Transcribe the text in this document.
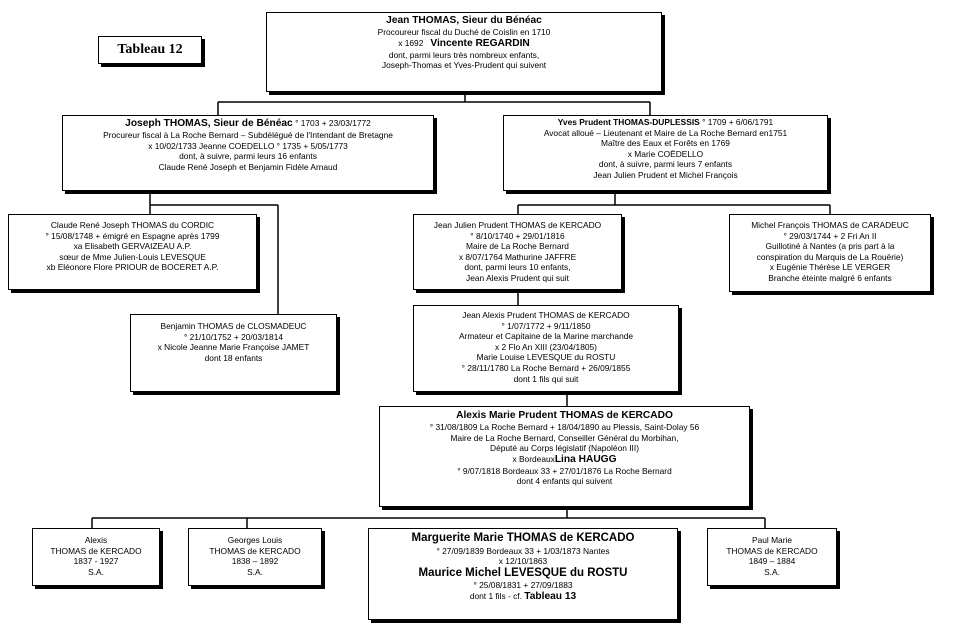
Tableau 12
Jean THOMAS, Sieur du Bénéac
Procoureur fiscal du Duché de Coislin en 1710
x 1692 Vincente REGARDIN
dont, parmi leurs très nombreux enfants,
Joseph-Thomas et Yves-Prudent qui suivent
Joseph THOMAS, Sieur de Bénéac ° 1703 + 23/03/1772
Procureur fiscal à La Roche Bernard – Subdélégué de l'Intendant de Bretagne
x 10/02/1733 Jeanne COEDELLO ° 1735 + 5/05/1773
dont, à suivre, parmi leurs 16 enfants
Claude René Joseph et Benjamin Fidèle Arnaud
Yves Prudent THOMAS-DUPLESSIS ° 1709 + 6/06/1791
Avocat alloué – Lieutenant et Maire de La Roche Bernard en1751
Maître des Eaux et Forêts en 1769
x Marie COËDELLO
dont, à suivre, parmi leurs 7 enfants
Jean Julien Prudent et Michel François
Claude René Joseph THOMAS du CORDIC
° 15/08/1748 + émigré en Espagne après 1799
xa Elisabeth GERVAIZEAU A.P.
sœur de Mme Julien-Louis LEVESQUE
xb Eléonore Flore PRIOUR de BOCERET A.P.
Benjamin THOMAS de CLOSMADEUC
° 21/10/1752 + 20/03/1814
x Nicole Jeanne Marie Françoise JAMET
dont 18 enfants
Jean Julien Prudent THOMAS de KERCADO
° 8/10/1740 + 29/01/1816
Maire de La Roche Bernard
x 8/07/1764 Mathurine JAFFRE
dont, parmi leurs 10 enfants,
Jean Alexis Prudent qui suit
Michel François THOMAS de CARADEUC
° 29/03/1744 + 2 Fri An II
Guillotiné à Nantes (a pris part à la
conspiration du Marquis de La Rouërie)
x Eugénie Thérèse LE VERGER
Branche éteinte malgré 6 enfants
Jean Alexis Prudent THOMAS de KERCADO
° 1/07/1772 + 9/11/1850
Armateur et Capitaine de la Marine marchande
x 2 Flo An XIII (23/04/1805)
Marie Louise LEVESQUE du ROSTU
° 28/11/1780 La Roche Bernard + 26/09/1855
dont 1 fils qui suit
Alexis Marie Prudent THOMAS de KERCADO
° 31/08/1809 La Roche Bernard + 18/04/1890 au Plessis, Saint-Dolay 56
Maire de La Roche Bernard, Conseiller Général du Morbihan,
Député au Corps législatif (Napoléon III)
x BordeauxLina HAUGG
° 9/07/1818 Bordeaux 33 + 27/01/1876 La Roche Bernard
dont 4 enfants qui suivent
Alexis
THOMAS de KERCADO
1837 - 1927
S.A.
Georges Louis
THOMAS de KERCADO
1838 – 1892
S.A.
Marguerite Marie THOMAS de KERCADO
° 27/09/1839 Bordeaux 33 + 1/03/1873 Nantes
x 12/10/1863
Maurice Michel LEVESQUE du ROSTU
° 25/08/1831 + 27/09/1883
dont 1 fils - cf. Tableau 13
Paul Marie
THOMAS de KERCADO
1849 – 1884
S.A.
